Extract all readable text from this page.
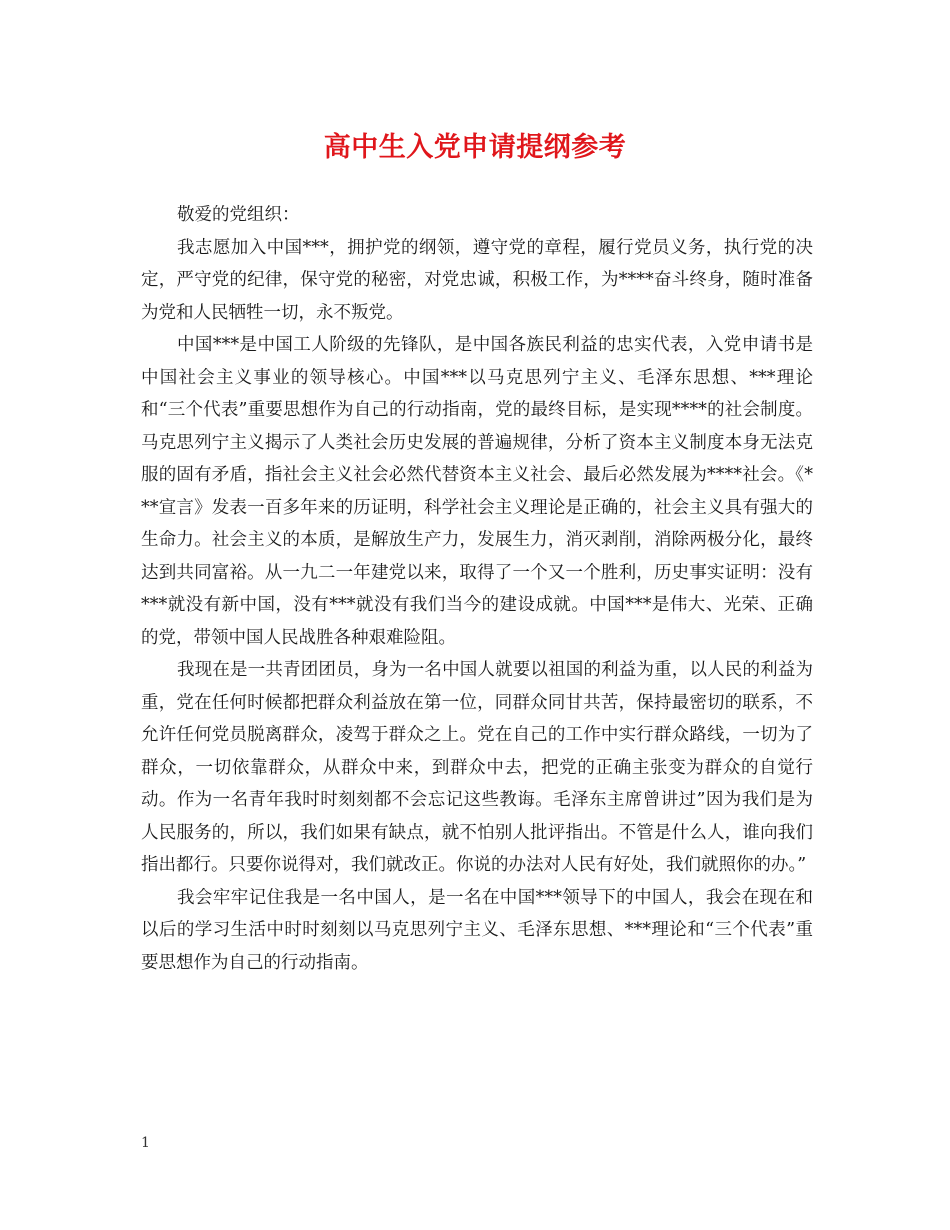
高中生入党申请提纲参考

敬爱的党组织：

我志愿加入中国***，拥护党的纲领，遵守党的章程，履行党员义务，执行党的决定，严守党的纪律，保守党的秘密，对党忠诚，积极工作，为****奋斗终身，随时准备为党和人民牺牲一切，永不叛党。

中国***是中国工人阶级的先锋队，是中国各族民利益的忠实代表，入党申请书是中国社会主义事业的领导核心。中国***以马克思列宁主义、毛泽东思想、***理论和“三个代表”重要思想作为自己的行动指南，党的最终目标，是实现****的社会制度。马克思列宁主义揭示了人类社会历史发展的普遍规律，分析了资本主义制度本身无法克服的固有矛盾，指社会主义社会必然代替资本主义社会、最后必然发展为****社会。《***宣言》发表一百多年来的历证明，科学社会主义理论是正确的，社会主义具有强大的生命力。社会主义的本质，是解放生产力，发展生力，消灭剥削，消除两极分化，最终达到共同富裕。从一九二一年建党以来，取得了一个又一个胜利，历史事实证明：没有***就没有新中国，没有***就没有我们当今的建设成就。中国***是伟大、光荣、正确的党，带领中国人民战胜各种艰难险阻。

我现在是一共青团团员，身为一名中国人就要以祖国的利益为重，以人民的利益为重，党在任何时候都把群众利益放在第一位，同群众同甘共苦，保持最密切的联系，不允许任何党员脱离群众，凌驾于群众之上。党在自己的工作中实行群众路线，一切为了群众，一切依靠群众，从群众中来，到群众中去，把党的正确主张变为群众的自觉行动。作为一名青年我时时刻刻都不会忘记这些教诲。毛泽东主席曾讲过”因为我们是为人民服务的，所以，我们如果有缺点，就不怕别人批评指出。不管是什么人，谁向我们指出都行。只要你说得对，我们就改正。你说的办法对人民有好处，我们就照你的办。”

我会牢牢记住我是一名中国人，是一名在中国***领导下的中国人，我会在现在和以后的学习生活中时时刻刻以马克思列宁主义、毛泽东思想、***理论和“三个代表”重要思想作为自己的行动指南。

1
